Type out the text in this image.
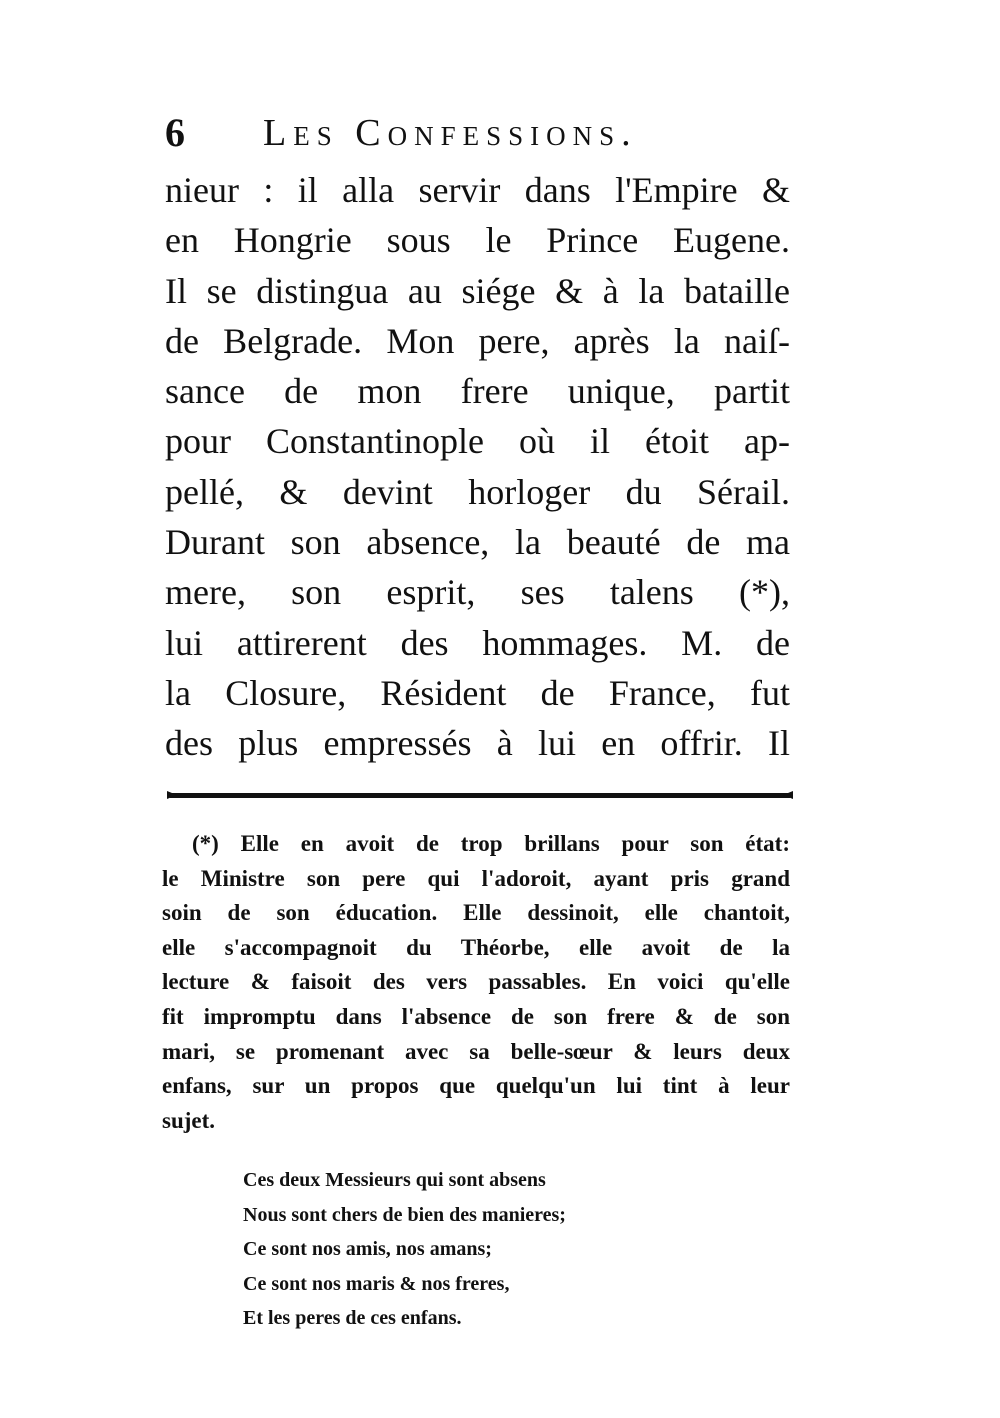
6 Les Confessions.
nieur : il alla servir dans l'Empire &
en Hongrie sous le Prince Eugene.
Il se distingua au siége & à la bataille
de Belgrade. Mon pere, après la naiſ-
sance de mon frere unique, partit
pour Constantinople où il étoit ap-
pellé, & devint horloger du Sérail.
Durant son absence, la beauté de ma
mere, son esprit, ses talens (*),
lui attirerent des hommages. M. de
la Closure, Résident de France, fut
des plus empressés à lui en offrir. Il
(*) Elle en avoit de trop brillans pour son état:
le Ministre son pere qui l'adoroit, ayant pris grand
soin de son éducation. Elle dessinoit, elle chantoit,
elle s'accompagnoit du Théorbe, elle avoit de la
lecture & faisoit des vers passables. En voici qu'elle
fit impromptu dans l'absence de son frere & de son
mari, se promenant avec sa belle-sœur & leurs deux
enfans, sur un propos que quelqu'un lui tint à leur
sujet.
Ces deux Messieurs qui sont absens
Nous sont chers de bien des manieres;
Ce sont nos amis, nos amans;
Ce sont nos maris & nos freres,
Et les peres de ces enfans.
